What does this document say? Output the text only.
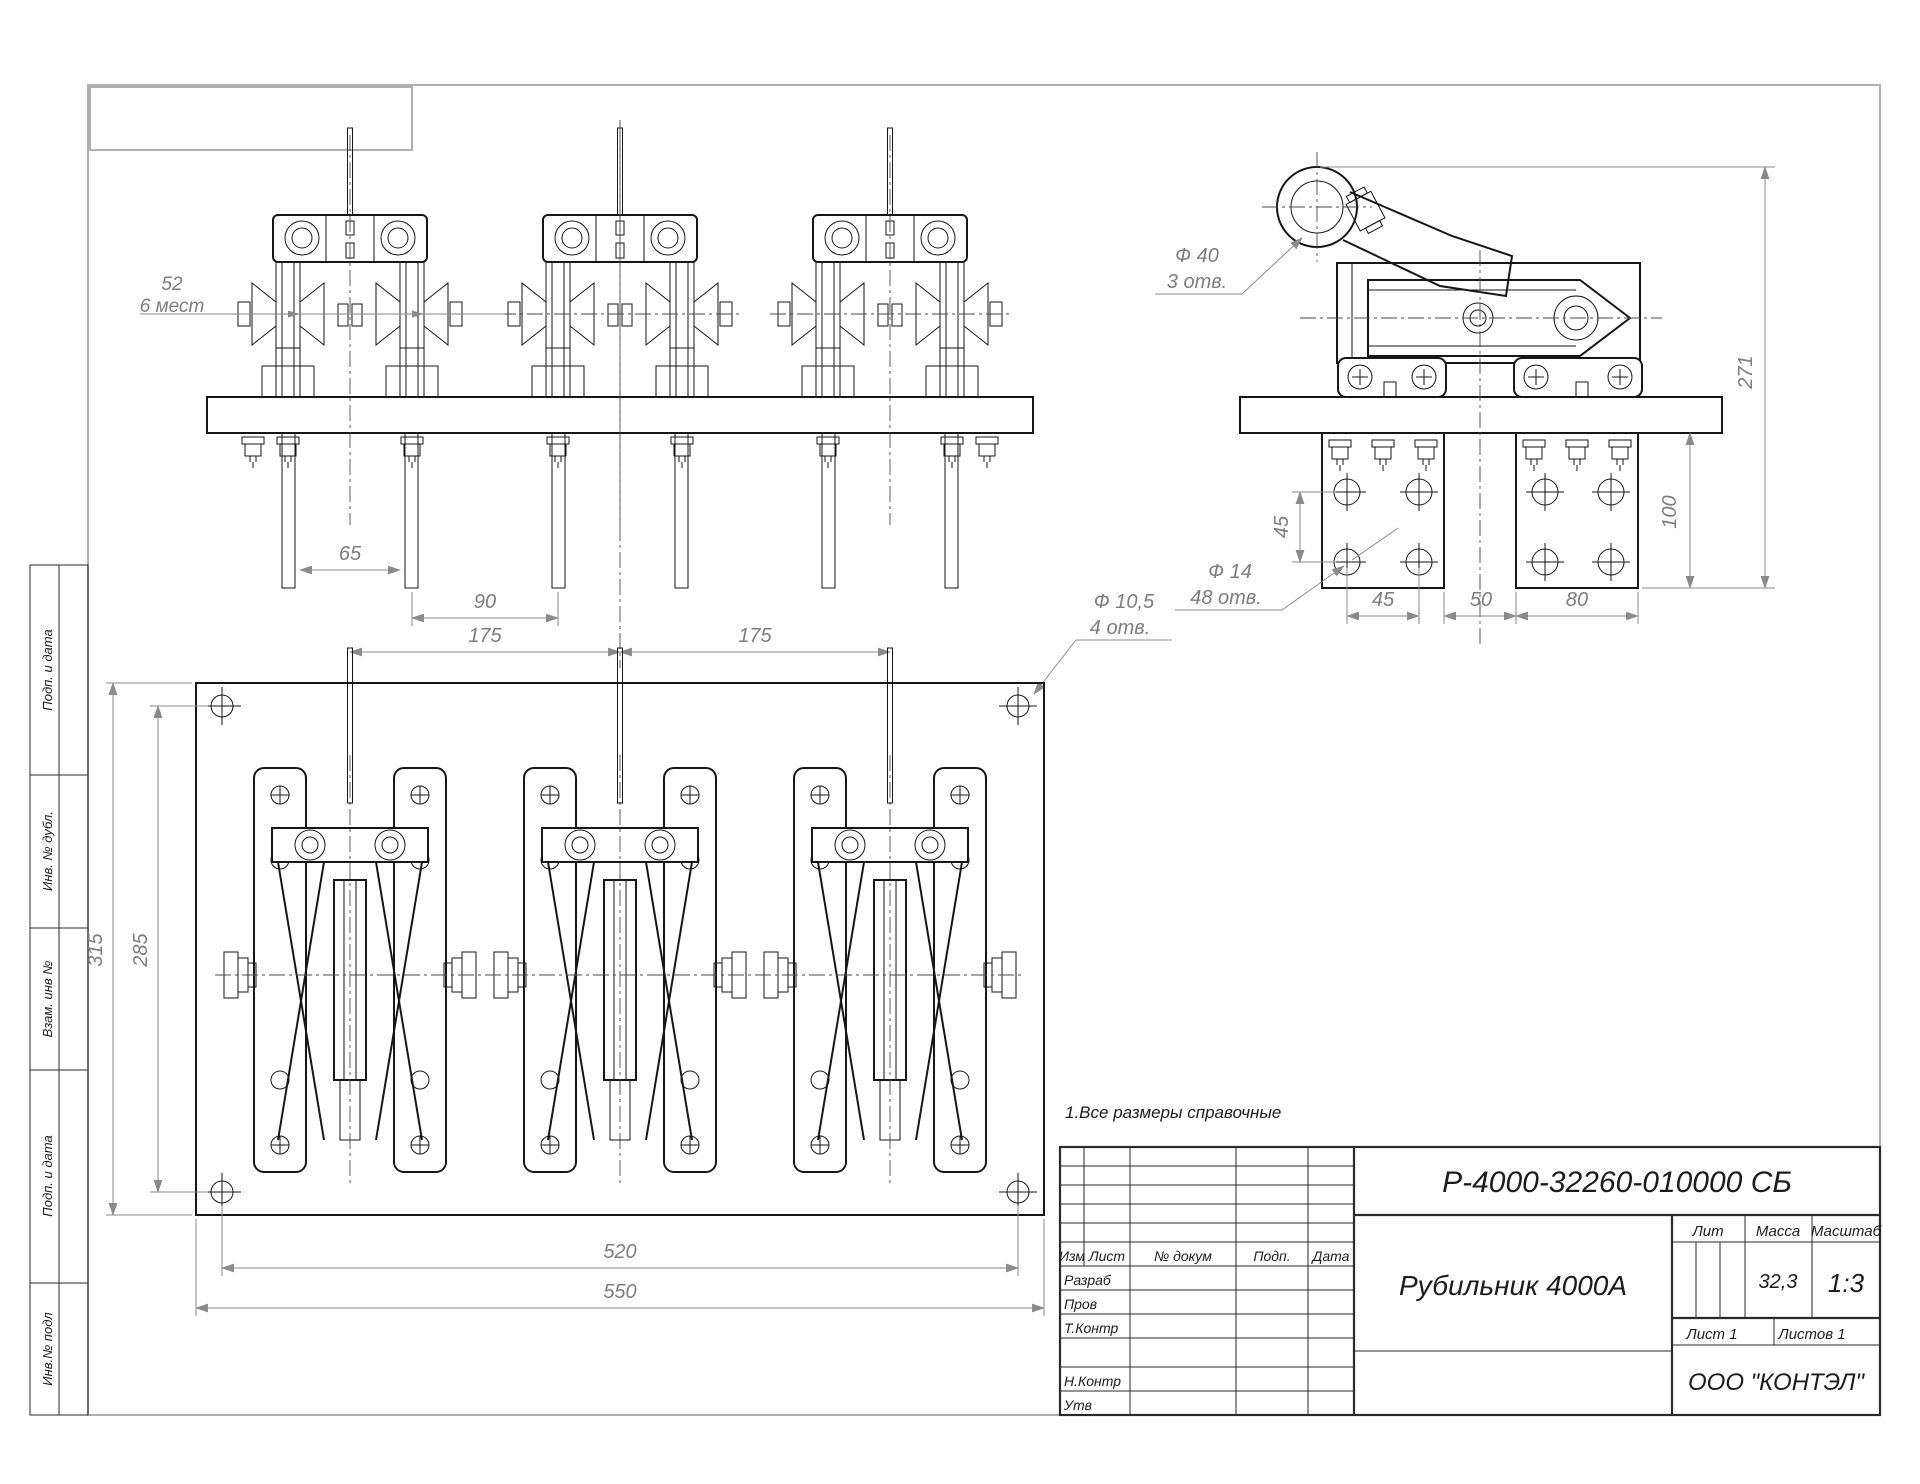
Подп. и дата
Инв. № дубл.
Взам. инв №
Подп. и дата
Инв.№ подл
52
6 мест
65
90
175	175
271
100
45
45	50	80
Ф 40
3 отв.
Ф 14
48 отв.
Ф 10,5
4 отв.
315 285
520
550
1.Все размеры справочные
Р-4000-32260-010000 СБ
Рубильник 4000А
ООО "КОНТЭЛ"
Лит Масса Масштаб
32,3 1:3
Лист 1	Листов 1
Изм Лист № докум	Подп. Дата
Разраб
Пров
Т.Контр
Н.Контр
Утв
